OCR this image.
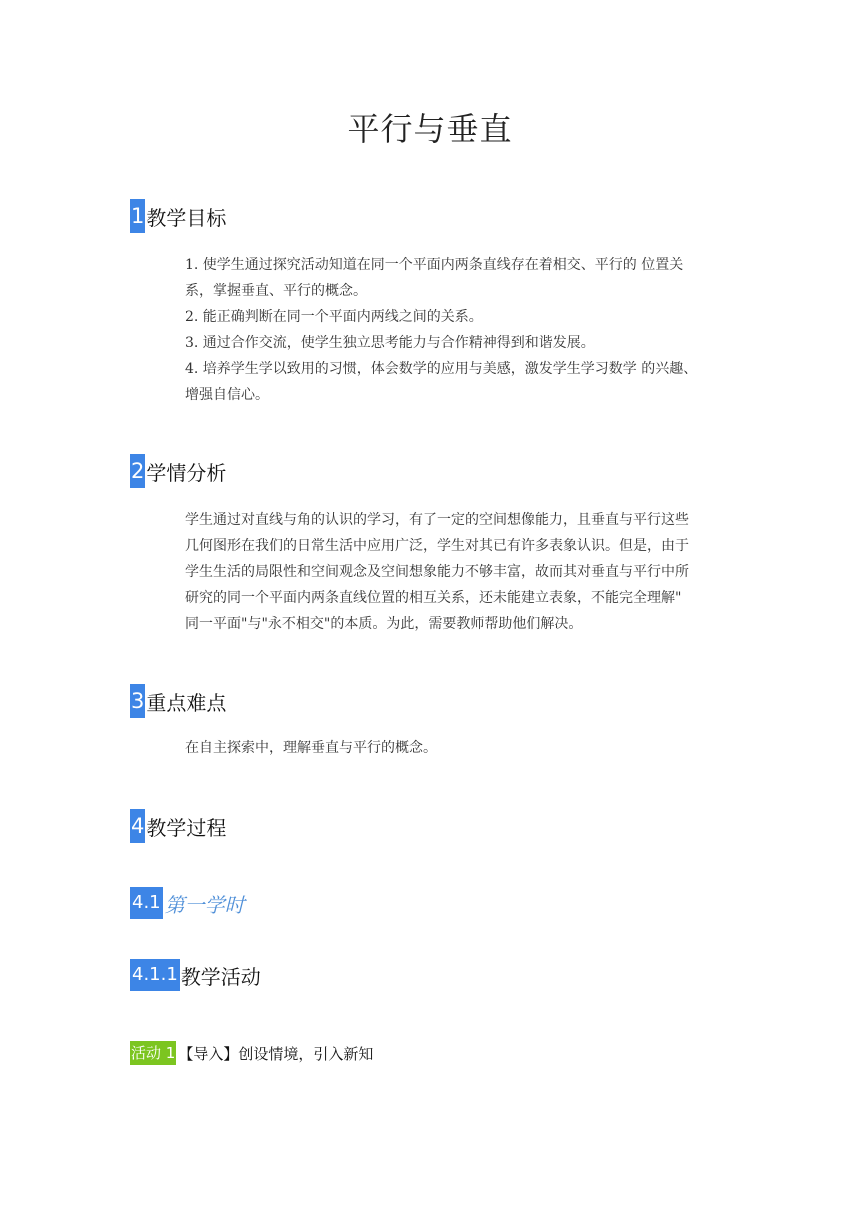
平行与垂直
1 教学目标
1. 使学生通过探究活动知道在同一个平面内两条直线存在着相交、平行的 位置关
系，掌握垂直、平行的概念。
2. 能正确判断在同一个平面内两线之间的关系。
3. 通过合作交流，使学生独立思考能力与合作精神得到和谐发展。
4. 培养学生学以致用的习惯，体会数学的应用与美感，激发学生学习数学 的兴趣、
增强自信心。
2 学情分析
学生通过对直线与角的认识的学习，有了一定的空间想像能力，且垂直与平行这些
几何图形在我们的日常生活中应用广泛，学生对其已有许多表象认识。但是，由于
学生生活的局限性和空间观念及空间想象能力不够丰富，故而其对垂直与平行中所
研究的同一个平面内两条直线位置的相互关系，还未能建立表象，不能完全理解"
同一平面"与"永不相交"的本质。为此，需要教师帮助他们解决。
3 重点难点
在自主探索中，理解垂直与平行的概念。
4 教学过程
4.1 第一学时
4.1.1 教学活动
活动 1 【导入】创设情境，引入新知
